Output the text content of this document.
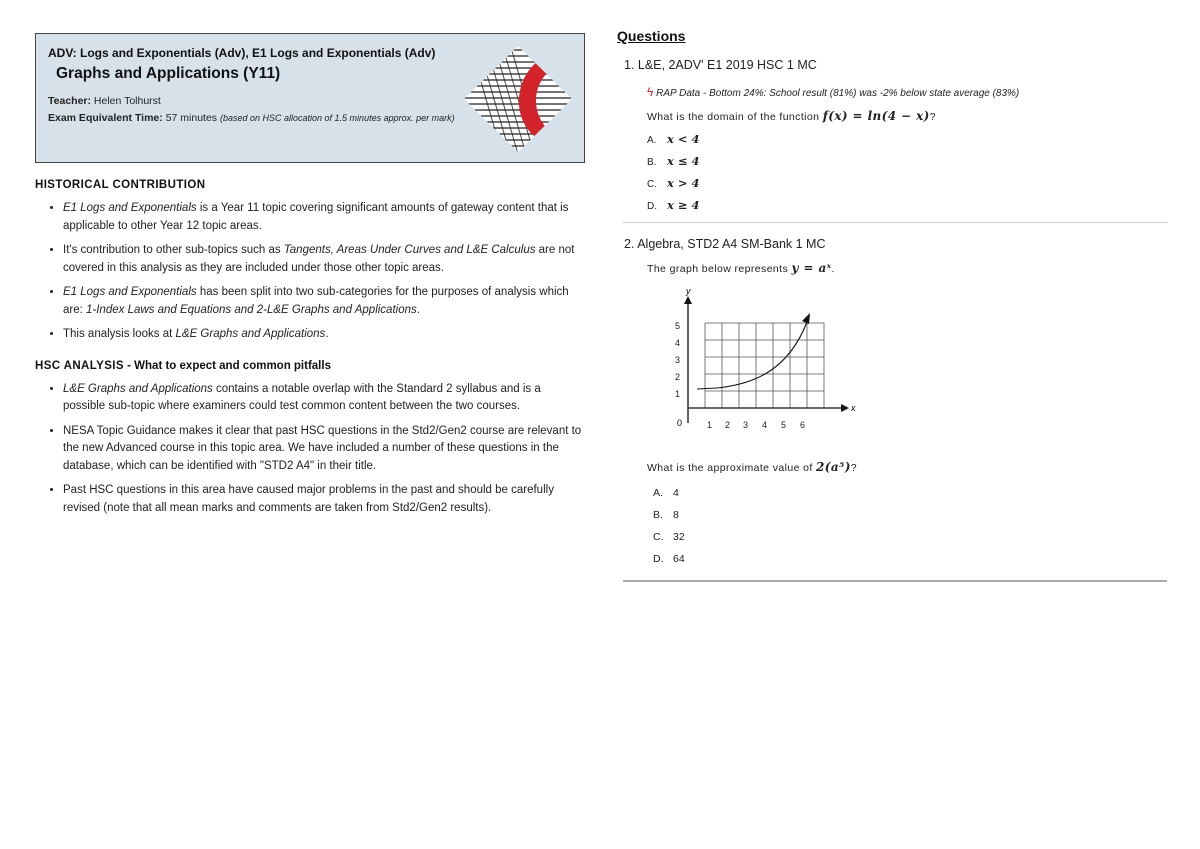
ADV: Logs and Exponentials (Adv), E1 Logs and Exponentials (Adv)
Graphs and Applications (Y11)
Teacher: Helen Tolhurst
Exam Equivalent Time: 57 minutes (based on HSC allocation of 1.5 minutes approx. per mark)
HISTORICAL CONTRIBUTION
• E1 Logs and Exponentials is a Year 11 topic covering significant amounts of gateway content that is applicable to other Year 12 topic areas.
• It's contribution to other sub-topics such as Tangents, Areas Under Curves and L&E Calculus are not covered in this analysis as they are included under those other topic areas.
• E1 Logs and Exponentials has been split into two sub-categories for the purposes of analysis which are: 1-Index Laws and Equations and 2-L&E Graphs and Applications.
• This analysis looks at L&E Graphs and Applications.
HSC ANALYSIS - What to expect and common pitfalls
• L&E Graphs and Applications contains a notable overlap with the Standard 2 syllabus and is a possible sub-topic where examiners could test common content between the two courses.
• NESA Topic Guidance makes it clear that past HSC questions in the Std2/Gen2 course are relevant to the new Advanced course in this topic area. We have included a number of these questions in the database, which can be identified with "STD2 A4" in their title.
• Past HSC questions in this area have caused major problems in the past and should be carefully revised (note that all mean marks and comments are taken from Std2/Gen2 results).
Questions
1. L&E, 2ADV' E1 2019 HSC 1 MC
ϟ RAP Data - Bottom 24%: School result (81%) was -2% below state average (83%)
What is the domain of the function f(x) = ln(4 − x)?
A. x < 4
B. x ≤ 4
C. x > 4
D. x ≥ 4
2. Algebra, STD2 A4 SM-Bank 1 MC
The graph below represents y = aˣ.
x
y
0	1 2 3 4 5 6
1
2
3
4
5
What is the approximate value of 2(a⁵)?
A. 4
B. 8
C. 32
D. 64
